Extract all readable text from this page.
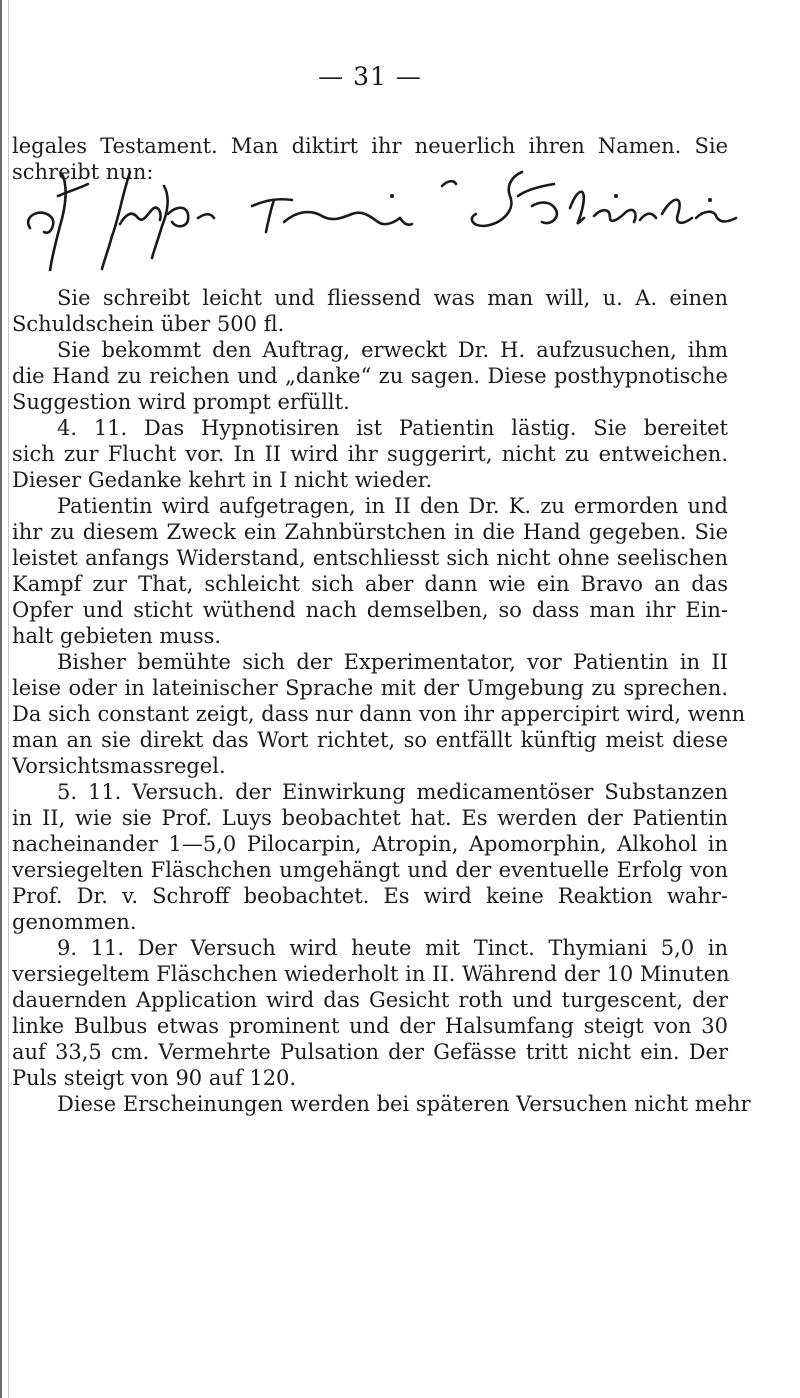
— 31 —
legales Testament. Man diktirt ihr neuerlich ihren Namen. Sie
schreibt nun:
Sie schreibt leicht und fliessend was man will, u. A. einen
Schuldschein über 500 fl.
Sie bekommt den Auftrag, erweckt Dr. H. aufzusuchen, ihm
die Hand zu reichen und „danke“ zu sagen. Diese posthypnotische
Suggestion wird prompt erfüllt.
4. 11. Das Hypnotisiren ist Patientin lästig. Sie bereitet
sich zur Flucht vor. In II wird ihr suggerirt, nicht zu entweichen.
Dieser Gedanke kehrt in I nicht wieder.
Patientin wird aufgetragen, in II den Dr. K. zu ermorden und
ihr zu diesem Zweck ein Zahnbürstchen in die Hand gegeben. Sie
leistet anfangs Widerstand, entschliesst sich nicht ohne seelischen
Kampf zur That, schleicht sich aber dann wie ein Bravo an das
Opfer und sticht wüthend nach demselben, so dass man ihr Ein-
halt gebieten muss.
Bisher bemühte sich der Experimentator, vor Patientin in II
leise oder in lateinischer Sprache mit der Umgebung zu sprechen.
Da sich constant zeigt, dass nur dann von ihr appercipirt wird, wenn
man an sie direkt das Wort richtet, so entfällt künftig meist diese
Vorsichtsmassregel.
5. 11. Versuch. der Einwirkung medicamentöser Substanzen
in II, wie sie Prof. Luys beobachtet hat. Es werden der Patientin
nacheinander 1—5,0 Pilocarpin, Atropin, Apomorphin, Alkohol in
versiegelten Fläschchen umgehängt und der eventuelle Erfolg von
Prof. Dr. v. Schroff beobachtet. Es wird keine Reaktion wahr-
genommen.
9. 11. Der Versuch wird heute mit Tinct. Thymiani 5,0 in
versiegeltem Fläschchen wiederholt in II. Während der 10 Minuten
dauernden Application wird das Gesicht roth und turgescent, der
linke Bulbus etwas prominent und der Halsumfang steigt von 30
auf 33,5 cm. Vermehrte Pulsation der Gefässe tritt nicht ein. Der
Puls steigt von 90 auf 120.
Diese Erscheinungen werden bei späteren Versuchen nicht mehr
